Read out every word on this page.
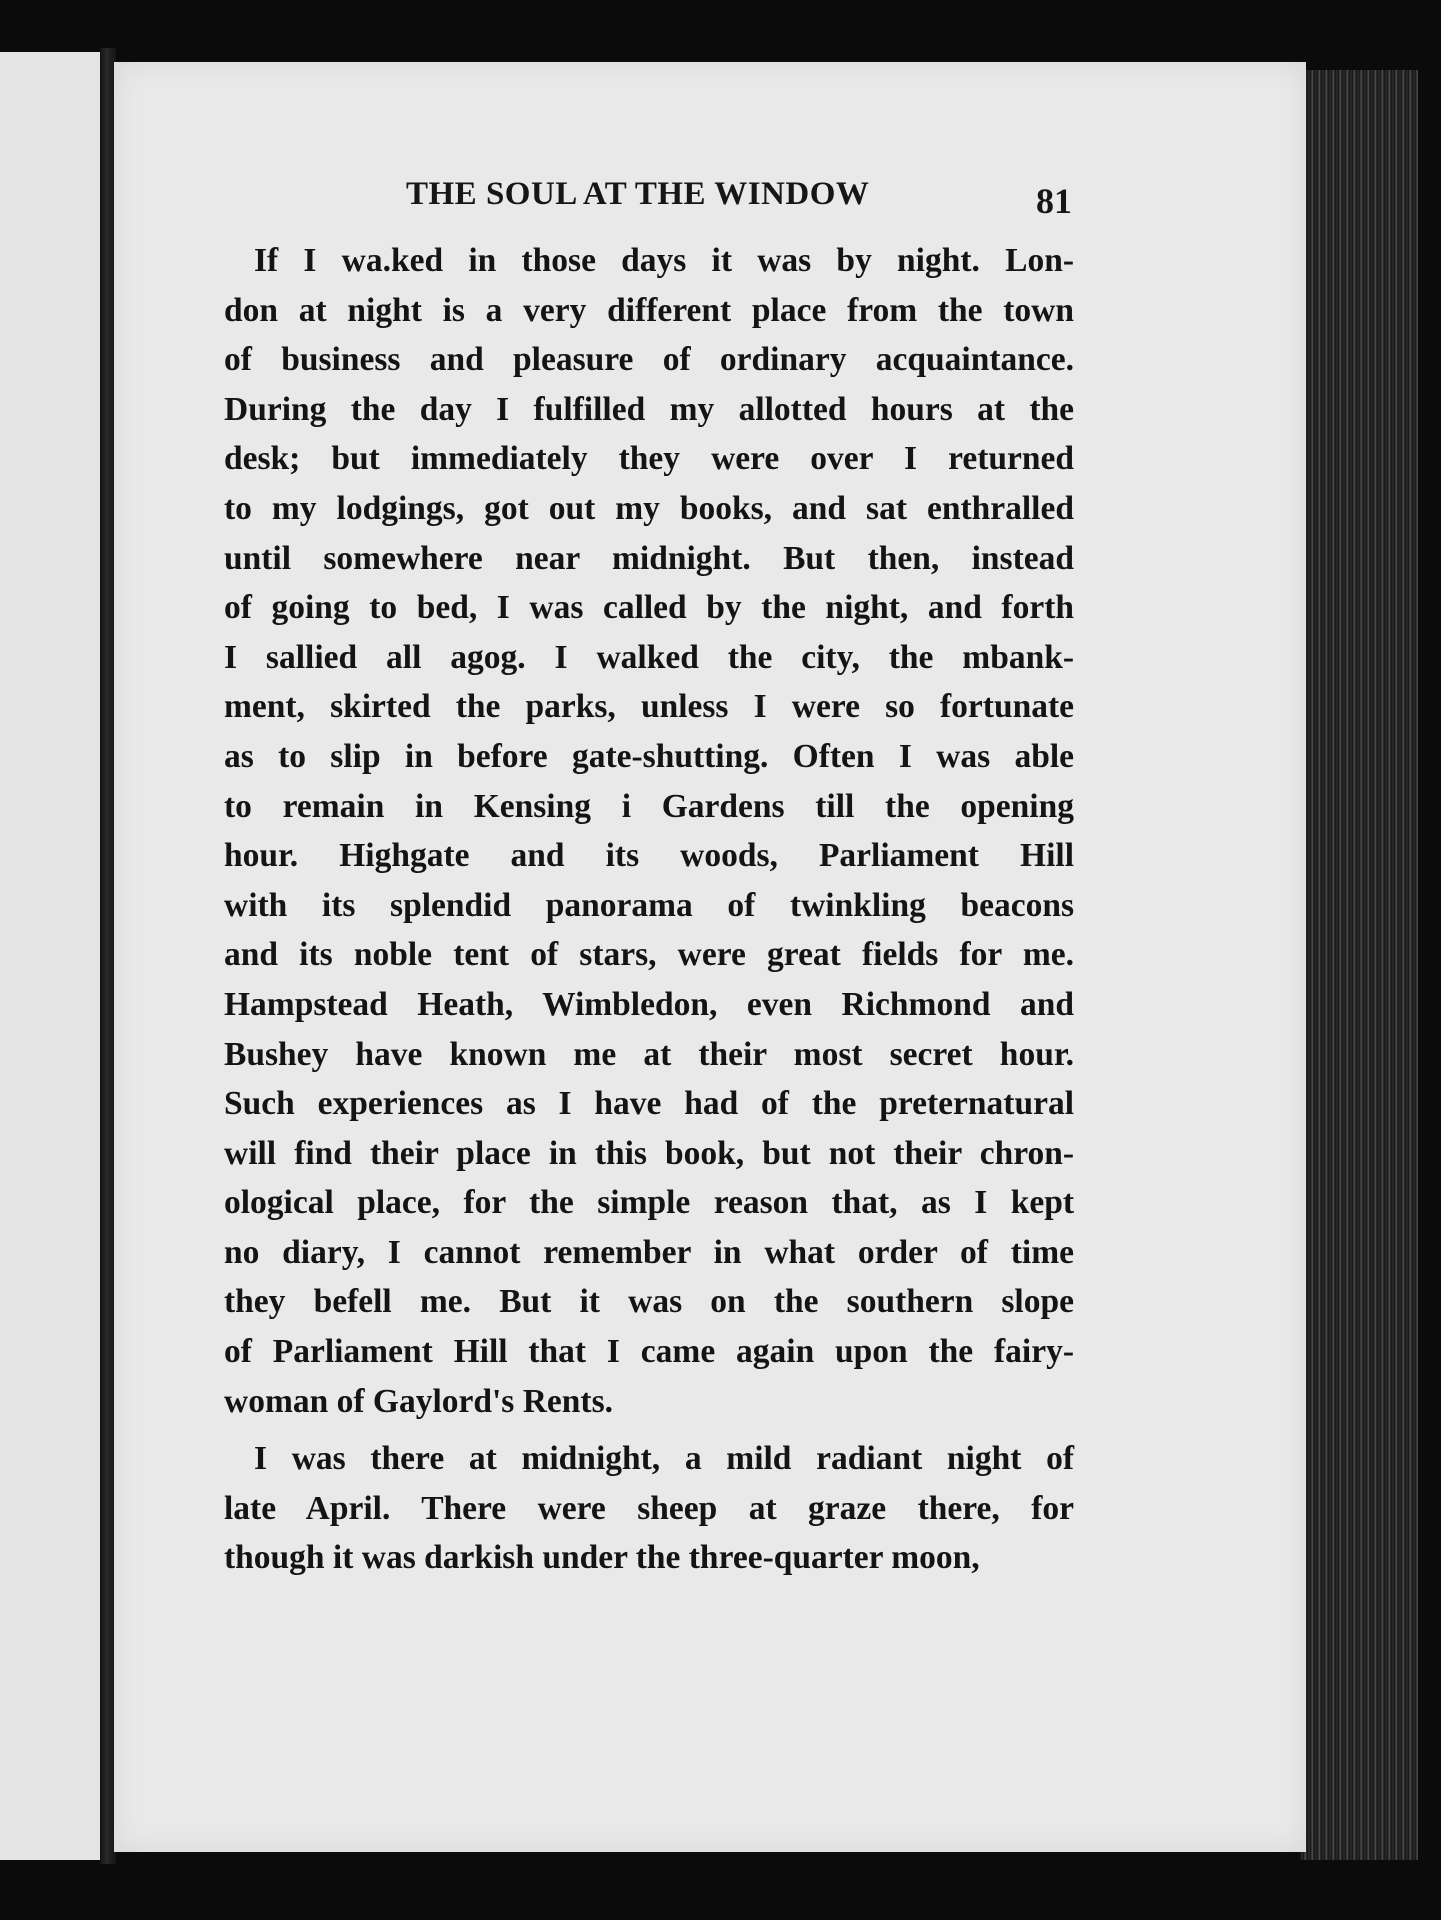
THE SOUL AT THE WINDOW	81
If I wa.ked in those days it was by night. Lon-
don at night is a very different place from the town
of business and pleasure of ordinary acquaintance.
During the day I fulfilled my allotted hours at the
desk; but immediately they were over I returned
to my lodgings, got out my books, and sat enthralled
until somewhere near midnight. But then, instead
of going to bed, I was called by the night, and forth
I sallied all agog. I walked the city, the mbank-
ment, skirted the parks, unless I were so fortunate
as to slip in before gate-shutting. Often I was able
to remain in Kensing i Gardens till the opening
hour. Highgate and its woods, Parliament Hill
with its splendid panorama of twinkling beacons
and its noble tent of stars, were great fields for me.
Hampstead Heath, Wimbledon, even Richmond and
Bushey have known me at their most secret hour.
Such experiences as I have had of the preternatural
will find their place in this book, but not their chron-
ological place, for the simple reason that, as I kept
no diary, I cannot remember in what order of time
they befell me. But it was on the southern slope
of Parliament Hill that I came again upon the fairy-
woman of Gaylord's Rents.
I was there at midnight, a mild radiant night of
late April. There were sheep at graze there, for
though it was darkish under the three-quarter moon,
